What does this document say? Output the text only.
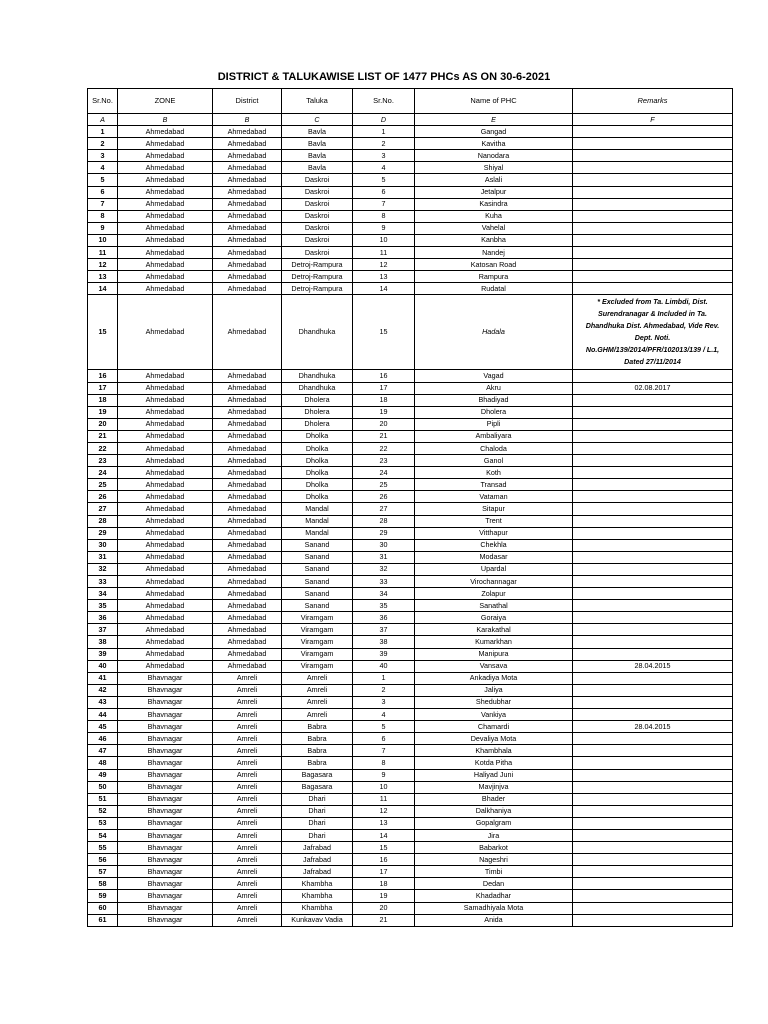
DISTRICT & TALUKAWISE LIST OF 1477 PHCs AS ON 30-6-2021
Sr.No.	ZONE	District	Taluka	Sr.No.	Name of PHC	Remarks
A	B	B	C	D	E	F
1	Ahmedabad	Ahmedabad	Bavla	1	Gangad	
2	Ahmedabad	Ahmedabad	Bavla	2	Kavitha	
3	Ahmedabad	Ahmedabad	Bavla	3	Nanodara	
4	Ahmedabad	Ahmedabad	Bavla	4	Shiyal	
5	Ahmedabad	Ahmedabad	Daskroi	5	Aslali	
6	Ahmedabad	Ahmedabad	Daskroi	6	Jetalpur	
7	Ahmedabad	Ahmedabad	Daskroi	7	Kasindra	
8	Ahmedabad	Ahmedabad	Daskroi	8	Kuha	
9	Ahmedabad	Ahmedabad	Daskroi	9	Vahelal	
10	Ahmedabad	Ahmedabad	Daskroi	10	Kanbha	
11	Ahmedabad	Ahmedabad	Daskroi	11	Nandej	
12	Ahmedabad	Ahmedabad	Detroj-Rampura	12	Katosan Road	
13	Ahmedabad	Ahmedabad	Detroj-Rampura	13	Rampura	
14	Ahmedabad	Ahmedabad	Detroj-Rampura	14	Rudatal	
15	Ahmedabad	Ahmedabad	Dhandhuka	15	Hadala	* Excluded from Ta. Limbdi, Dist. Surendranagar & Included in Ta. Dhandhuka Dist. Ahmedabad, Vide Rev. Dept. Noti. No.GHM/139/2014/PFR/102013/139 / L.1, Dated 27/11/2014
16	Ahmedabad	Ahmedabad	Dhandhuka	16	Vagad	
17	Ahmedabad	Ahmedabad	Dhandhuka	17	Akru	02.08.2017
18	Ahmedabad	Ahmedabad	Dholera	18	Bhadiyad	
19	Ahmedabad	Ahmedabad	Dholera	19	Dholera	
20	Ahmedabad	Ahmedabad	Dholera	20	Pipli	
21	Ahmedabad	Ahmedabad	Dholka	21	Ambaliyara	
22	Ahmedabad	Ahmedabad	Dholka	22	Chaloda	
23	Ahmedabad	Ahmedabad	Dholka	23	Ganol	
24	Ahmedabad	Ahmedabad	Dholka	24	Koth	
25	Ahmedabad	Ahmedabad	Dholka	25	Transad	
26	Ahmedabad	Ahmedabad	Dholka	26	Vataman	
27	Ahmedabad	Ahmedabad	Mandal	27	Sitapur	
28	Ahmedabad	Ahmedabad	Mandal	28	Trent	
29	Ahmedabad	Ahmedabad	Mandal	29	Vitthapur	
30	Ahmedabad	Ahmedabad	Sanand	30	Chekhla	
31	Ahmedabad	Ahmedabad	Sanand	31	Modasar	
32	Ahmedabad	Ahmedabad	Sanand	32	Upardal	
33	Ahmedabad	Ahmedabad	Sanand	33	Virochannagar	
34	Ahmedabad	Ahmedabad	Sanand	34	Zolapur	
35	Ahmedabad	Ahmedabad	Sanand	35	Sanathal	
36	Ahmedabad	Ahmedabad	Viramgam	36	Goraiya	
37	Ahmedabad	Ahmedabad	Viramgam	37	Karakathal	
38	Ahmedabad	Ahmedabad	Viramgam	38	Kumarkhan	
39	Ahmedabad	Ahmedabad	Viramgam	39	Manipura	
40	Ahmedabad	Ahmedabad	Viramgam	40	Vansava	28.04.2015
41	Bhavnagar	Amreli	Amreli	1	Ankadiya Mota	
42	Bhavnagar	Amreli	Amreli	2	Jaliya	
43	Bhavnagar	Amreli	Amreli	3	Shedubhar	
44	Bhavnagar	Amreli	Amreli	4	Vankiya	
45	Bhavnagar	Amreli	Babra	5	Chamardi	28.04.2015
46	Bhavnagar	Amreli	Babra	6	Devaliya Mota	
47	Bhavnagar	Amreli	Babra	7	Khambhala	
48	Bhavnagar	Amreli	Babra	8	Kotda Pitha	
49	Bhavnagar	Amreli	Bagasara	9	Haliyad Juni	
50	Bhavnagar	Amreli	Bagasara	10	Mavjinjva	
51	Bhavnagar	Amreli	Dhari	11	Bhader	
52	Bhavnagar	Amreli	Dhari	12	Dalkhaniya	
53	Bhavnagar	Amreli	Dhari	13	Gopalgram	
54	Bhavnagar	Amreli	Dhari	14	Jira	
55	Bhavnagar	Amreli	Jafrabad	15	Babarkot	
56	Bhavnagar	Amreli	Jafrabad	16	Nageshri	
57	Bhavnagar	Amreli	Jafrabad	17	Timbi	
58	Bhavnagar	Amreli	Khambha	18	Dedan	
59	Bhavnagar	Amreli	Khambha	19	Khadadhar	
60	Bhavnagar	Amreli	Khambha	20	Samadhiyala Mota	
61	Bhavnagar	Amreli	Kunkavav Vadia	21	Anida	
